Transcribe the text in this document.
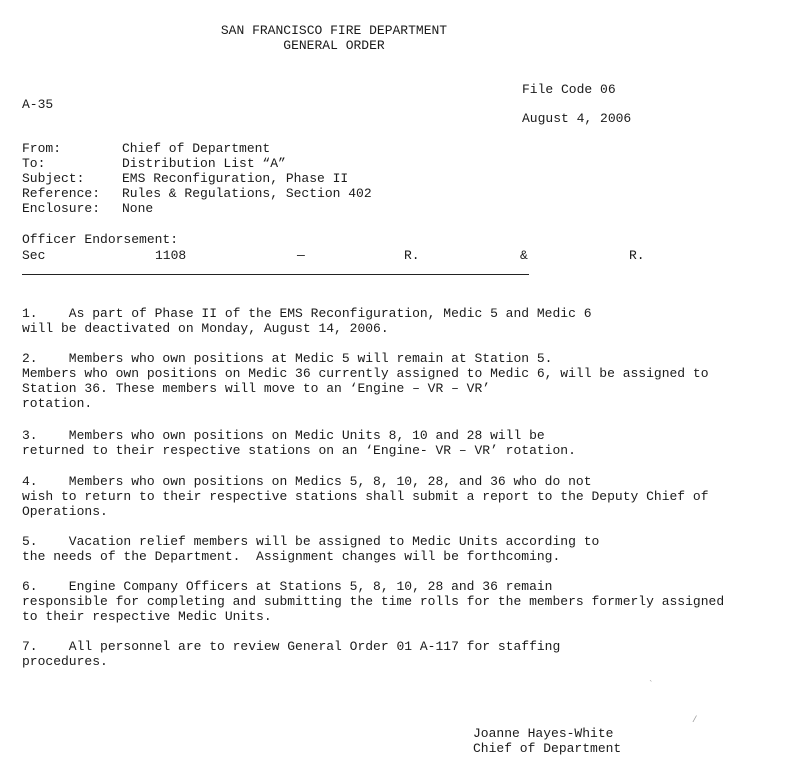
SAN FRANCISCO FIRE DEPARTMENT
GENERAL ORDER
File Code 06
A-35
August 4, 2006
From:	Chief of Department
To:	Distribution List “A”
Subject:	EMS Reconfiguration, Phase II
Reference: Rules & Regulations, Section 402
Enclosure: None
Officer Endorsement:
Sec	1108	—	R.	&	R.

1.    As part of Phase II of the EMS Reconfiguration, Medic 5 and Medic 6
will be deactivated on Monday, August 14, 2006.

2.    Members who own positions at Medic 5 will remain at Station 5.
Members who own positions on Medic 36 currently assigned to Medic 6, will be assigned to
Station 36. These members will move to an ‘Engine – VR – VR’
rotation.

3.    Members who own positions on Medic Units 8, 10 and 28 will be
returned to their respective stations on an ‘Engine- VR – VR’ rotation.

4.    Members who own positions on Medics 5, 8, 10, 28, and 36 who do not
wish to return to their respective stations shall submit a report to the Deputy Chief of
Operations.

5.    Vacation relief members will be assigned to Medic Units according to
the needs of the Department.  Assignment changes will be forthcoming.

6.    Engine Company Officers at Stations 5, 8, 10, 28 and 36 remain
responsible for completing and submitting the time rolls for the members formerly assigned
to their respective Medic Units.

7.    All personnel are to review General Order 01 A-117 for staffing
procedures.
Joanne Hayes-White
Chief of Department
`
/
